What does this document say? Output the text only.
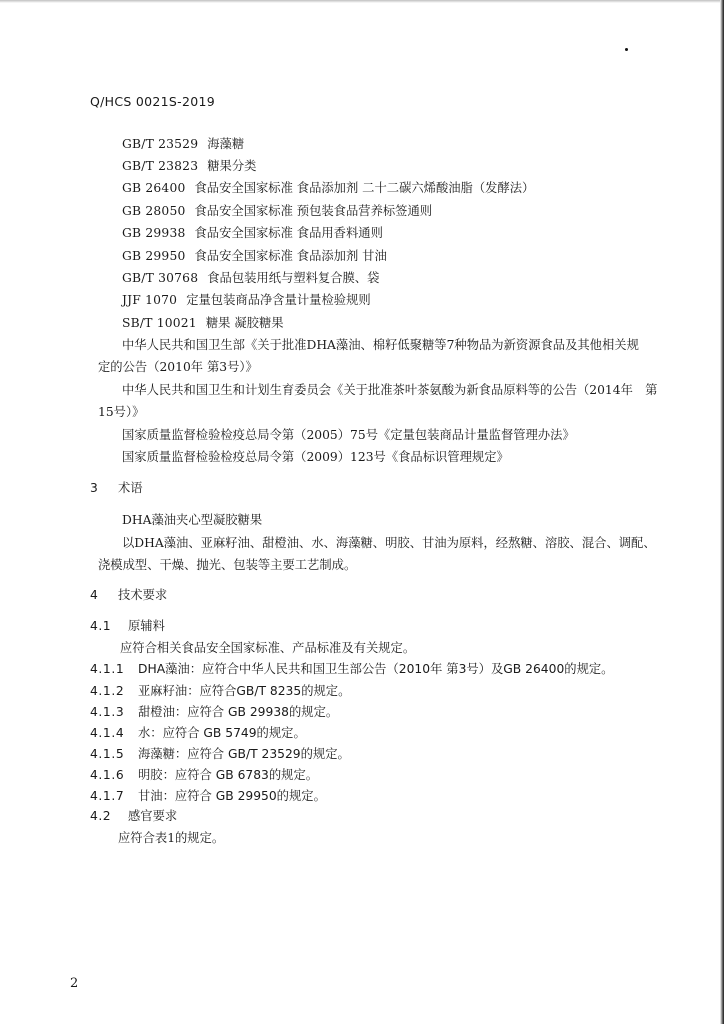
Q/HCS 0021S-2019
GB/T 23529 海藻糖
GB/T 23823 糖果分类
GB 26400 食品安全国家标准 食品添加剂 二十二碳六烯酸油脂（发酵法）
GB 28050 食品安全国家标准 预包装食品营养标签通则
GB 29938 食品安全国家标准 食品用香料通则
GB 29950 食品安全国家标准 食品添加剂 甘油
GB/T 30768 食品包装用纸与塑料复合膜、袋
JJF 1070 定量包装商品净含量计量检验规则
SB/T 10021 糖果 凝胶糖果
中华人民共和国卫生部《关于批准DHA藻油、棉籽低聚糖等7种物品为新资源食品及其他相关规
定的公告（2010年 第3号）》
中华人民共和国卫生和计划生育委员会《关于批准茶叶茶氨酸为新食品原料等的公告（2014年　第
15号）》
国家质量监督检验检疫总局令第（2005）75号《定量包装商品计量监督管理办法》
国家质量监督检验检疫总局令第（2009）123号《食品标识管理规定》
3 术语
DHA藻油夹心型凝胶糖果
以DHA藻油、亚麻籽油、甜橙油、水、海藻糖、明胶、甘油为原料，经熬糖、溶胶、混合、调配、
浇模成型、干燥、抛光、包装等主要工艺制成。
4 技术要求
4.1 原辅料
应符合相关食品安全国家标准、产品标准及有关规定。
4.1.1 DHA藻油：应符合中华人民共和国卫生部公告（2010年 第3号）及GB 26400的规定。
4.1.2 亚麻籽油：应符合GB/T 8235的规定。
4.1.3 甜橙油：应符合 GB 29938的规定。
4.1.4 水：应符合 GB 5749的规定。
4.1.5 海藻糖：应符合 GB/T 23529的规定。
4.1.6 明胶：应符合 GB 6783的规定。
4.1.7 甘油：应符合 GB 29950的规定。
4.2 感官要求
应符合表1的规定。
2
